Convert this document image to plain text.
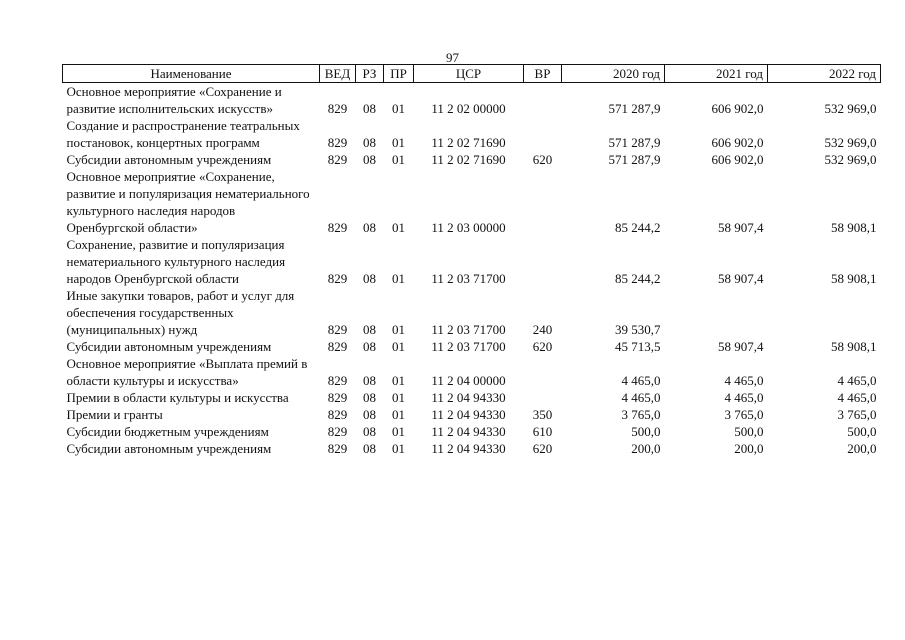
97
Наименование	ВЕД	РЗ	ПР	ЦСР	ВР	2020 год	2021 год	2022 год
Основное мероприятие «Сохранение и развитие исполнительских искусств»	829	08	01	11 2 02 00000		571 287,9	606 902,0	532 969,0
Создание и распространение театральных постановок, концертных программ	829	08	01	11 2 02 71690		571 287,9	606 902,0	532 969,0
Субсидии автономным учреждениям	829	08	01	11 2 02 71690	620	571 287,9	606 902,0	532 969,0
Основное мероприятие «Сохранение, развитие и популяризация нематериального культурного наследия народов Оренбургской области»	829	08	01	11 2 03 00000		85 244,2	58 907,4	58 908,1
Сохранение, развитие и популяризация нематериального культурного наследия народов Оренбургской области	829	08	01	11 2 03 71700		85 244,2	58 907,4	58 908,1
Иные закупки товаров, работ и услуг для обеспечения государственных (муниципальных) нужд	829	08	01	11 2 03 71700	240	39 530,7		
Субсидии автономным учреждениям	829	08	01	11 2 03 71700	620	45 713,5	58 907,4	58 908,1
Основное мероприятие «Выплата премий в области культуры и искусства»	829	08	01	11 2 04 00000		4 465,0	4 465,0	4 465,0
Премии в области культуры и искусства	829	08	01	11 2 04 94330		4 465,0	4 465,0	4 465,0
Премии и гранты	829	08	01	11 2 04 94330	350	3 765,0	3 765,0	3 765,0
Субсидии бюджетным учреждениям	829	08	01	11 2 04 94330	610	500,0	500,0	500,0
Субсидии автономным учреждениям	829	08	01	11 2 04 94330	620	200,0	200,0	200,0
